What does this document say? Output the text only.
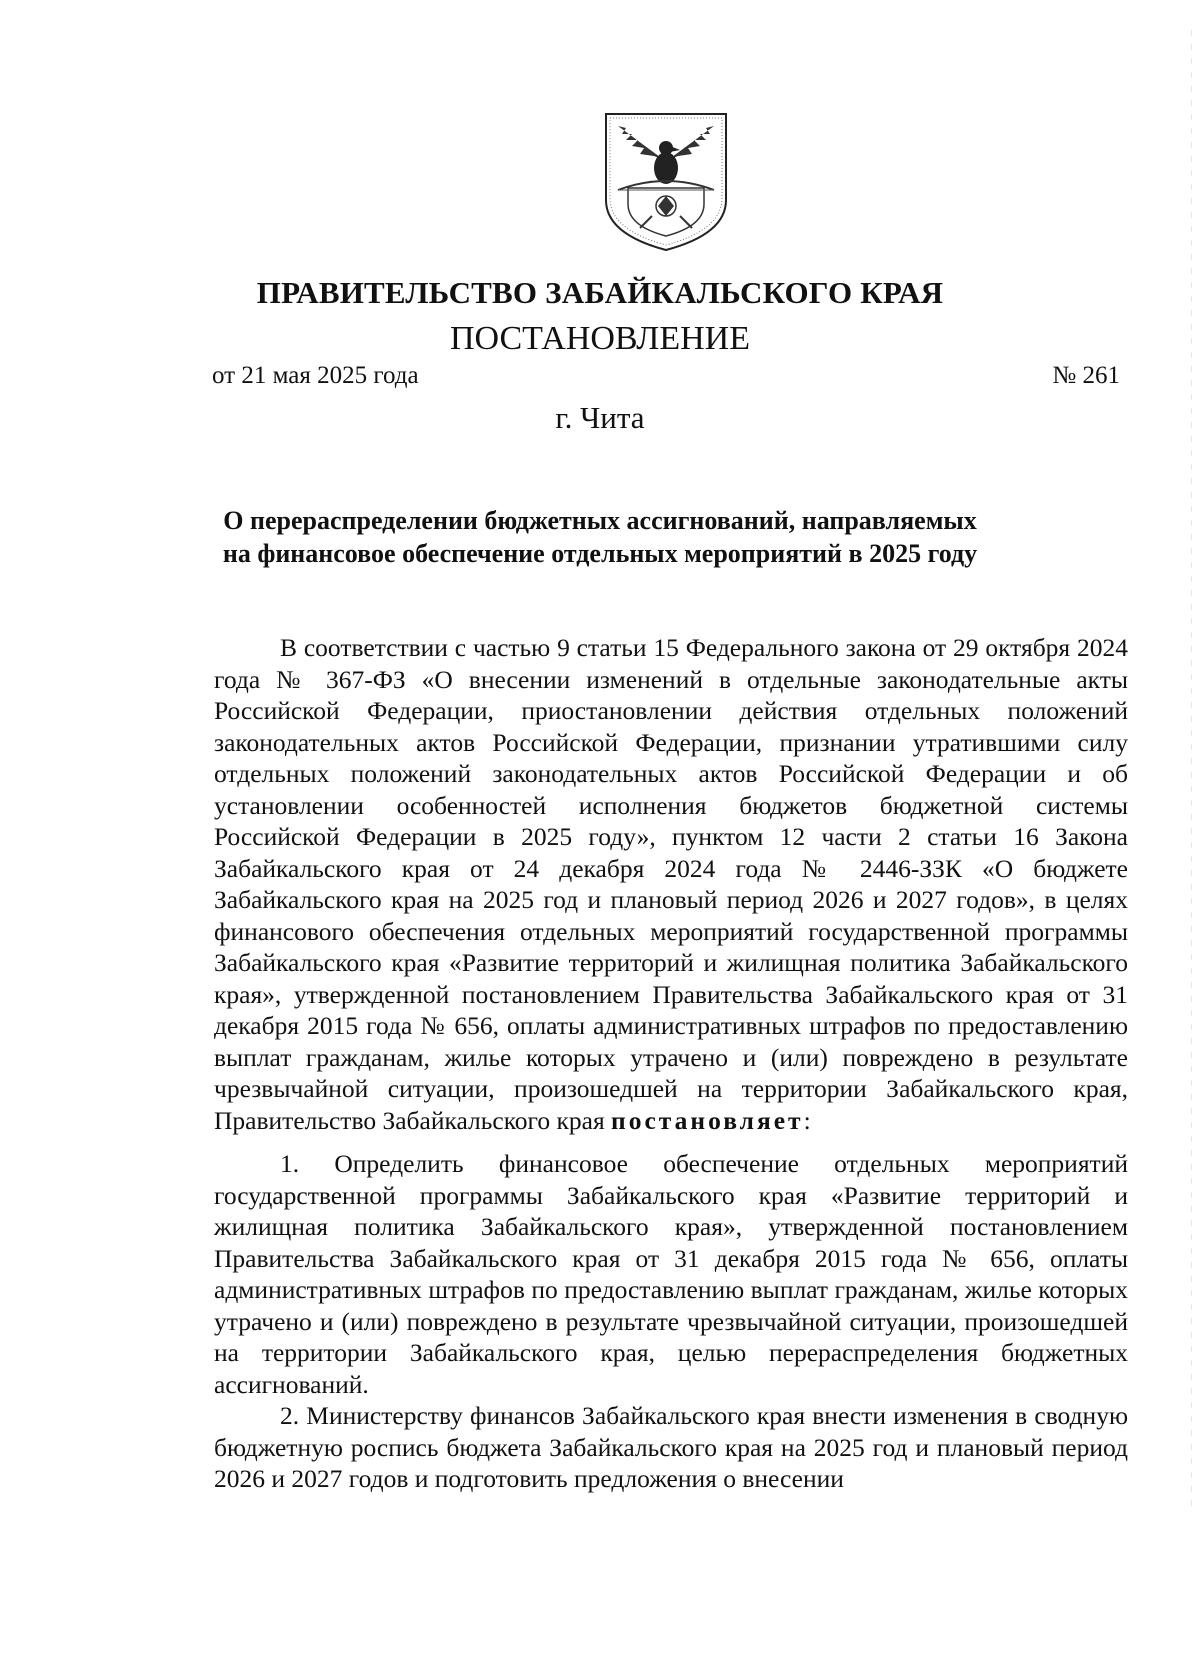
ПРАВИТЕЛЬСТВО ЗАБАЙКАЛЬСКОГО КРАЯ
ПОСТАНОВЛЕНИЕ
от 21 мая 2025 года	№ 261
г. Чита
О перераспределении бюджетных ассигнований, направляемых
на финансовое обеспечение отдельных мероприятий в 2025 году

В соответствии с частью 9 статьи 15 Федерального закона от 29 октября 2024 года № 367-ФЗ «О внесении изменений в отдельные законодательные акты Российской Федерации, приостановлении действия отдельных положений законодательных актов Российской Федерации, признании утратившими силу отдельных положений законодательных актов Российской Федерации и об установлении особенностей исполнения бюджетов бюджетной системы Российской Федерации в 2025 году», пунктом 12 части 2 статьи 16 Закона Забайкальского края от 24 декабря 2024 года № 2446-ЗЗК «О бюджете Забайкальского края на 2025 год и плановый период 2026 и 2027 годов», в целях финансового обеспечения отдельных мероприятий государственной программы Забайкальского края «Развитие территорий и жилищная политика Забайкальского края», утвержденной постановлением Правительства Забайкальского края от 31 декабря 2015 года № 656, оплаты административных штрафов по предоставлению выплат гражданам, жилье которых утрачено и (или) повреждено в результате чрезвычайной ситуации, произошедшей на территории Забайкальского края, Правительство Забайкальского края постановляет:

1. Определить финансовое обеспечение отдельных мероприятий государственной программы Забайкальского края «Развитие территорий и жилищная политика Забайкальского края», утвержденной постановлением Правительства Забайкальского края от 31 декабря 2015 года № 656, оплаты административных штрафов по предоставлению выплат гражданам, жилье которых утрачено и (или) повреждено в результате чрезвычайной ситуации, произошедшей на территории Забайкальского края, целью перераспределения бюджетных ассигнований.

2. Министерству финансов Забайкальского края внести изменения в сводную бюджетную роспись бюджета Забайкальского края на 2025 год и плановый период 2026 и 2027 годов и подготовить предложения о внесении
